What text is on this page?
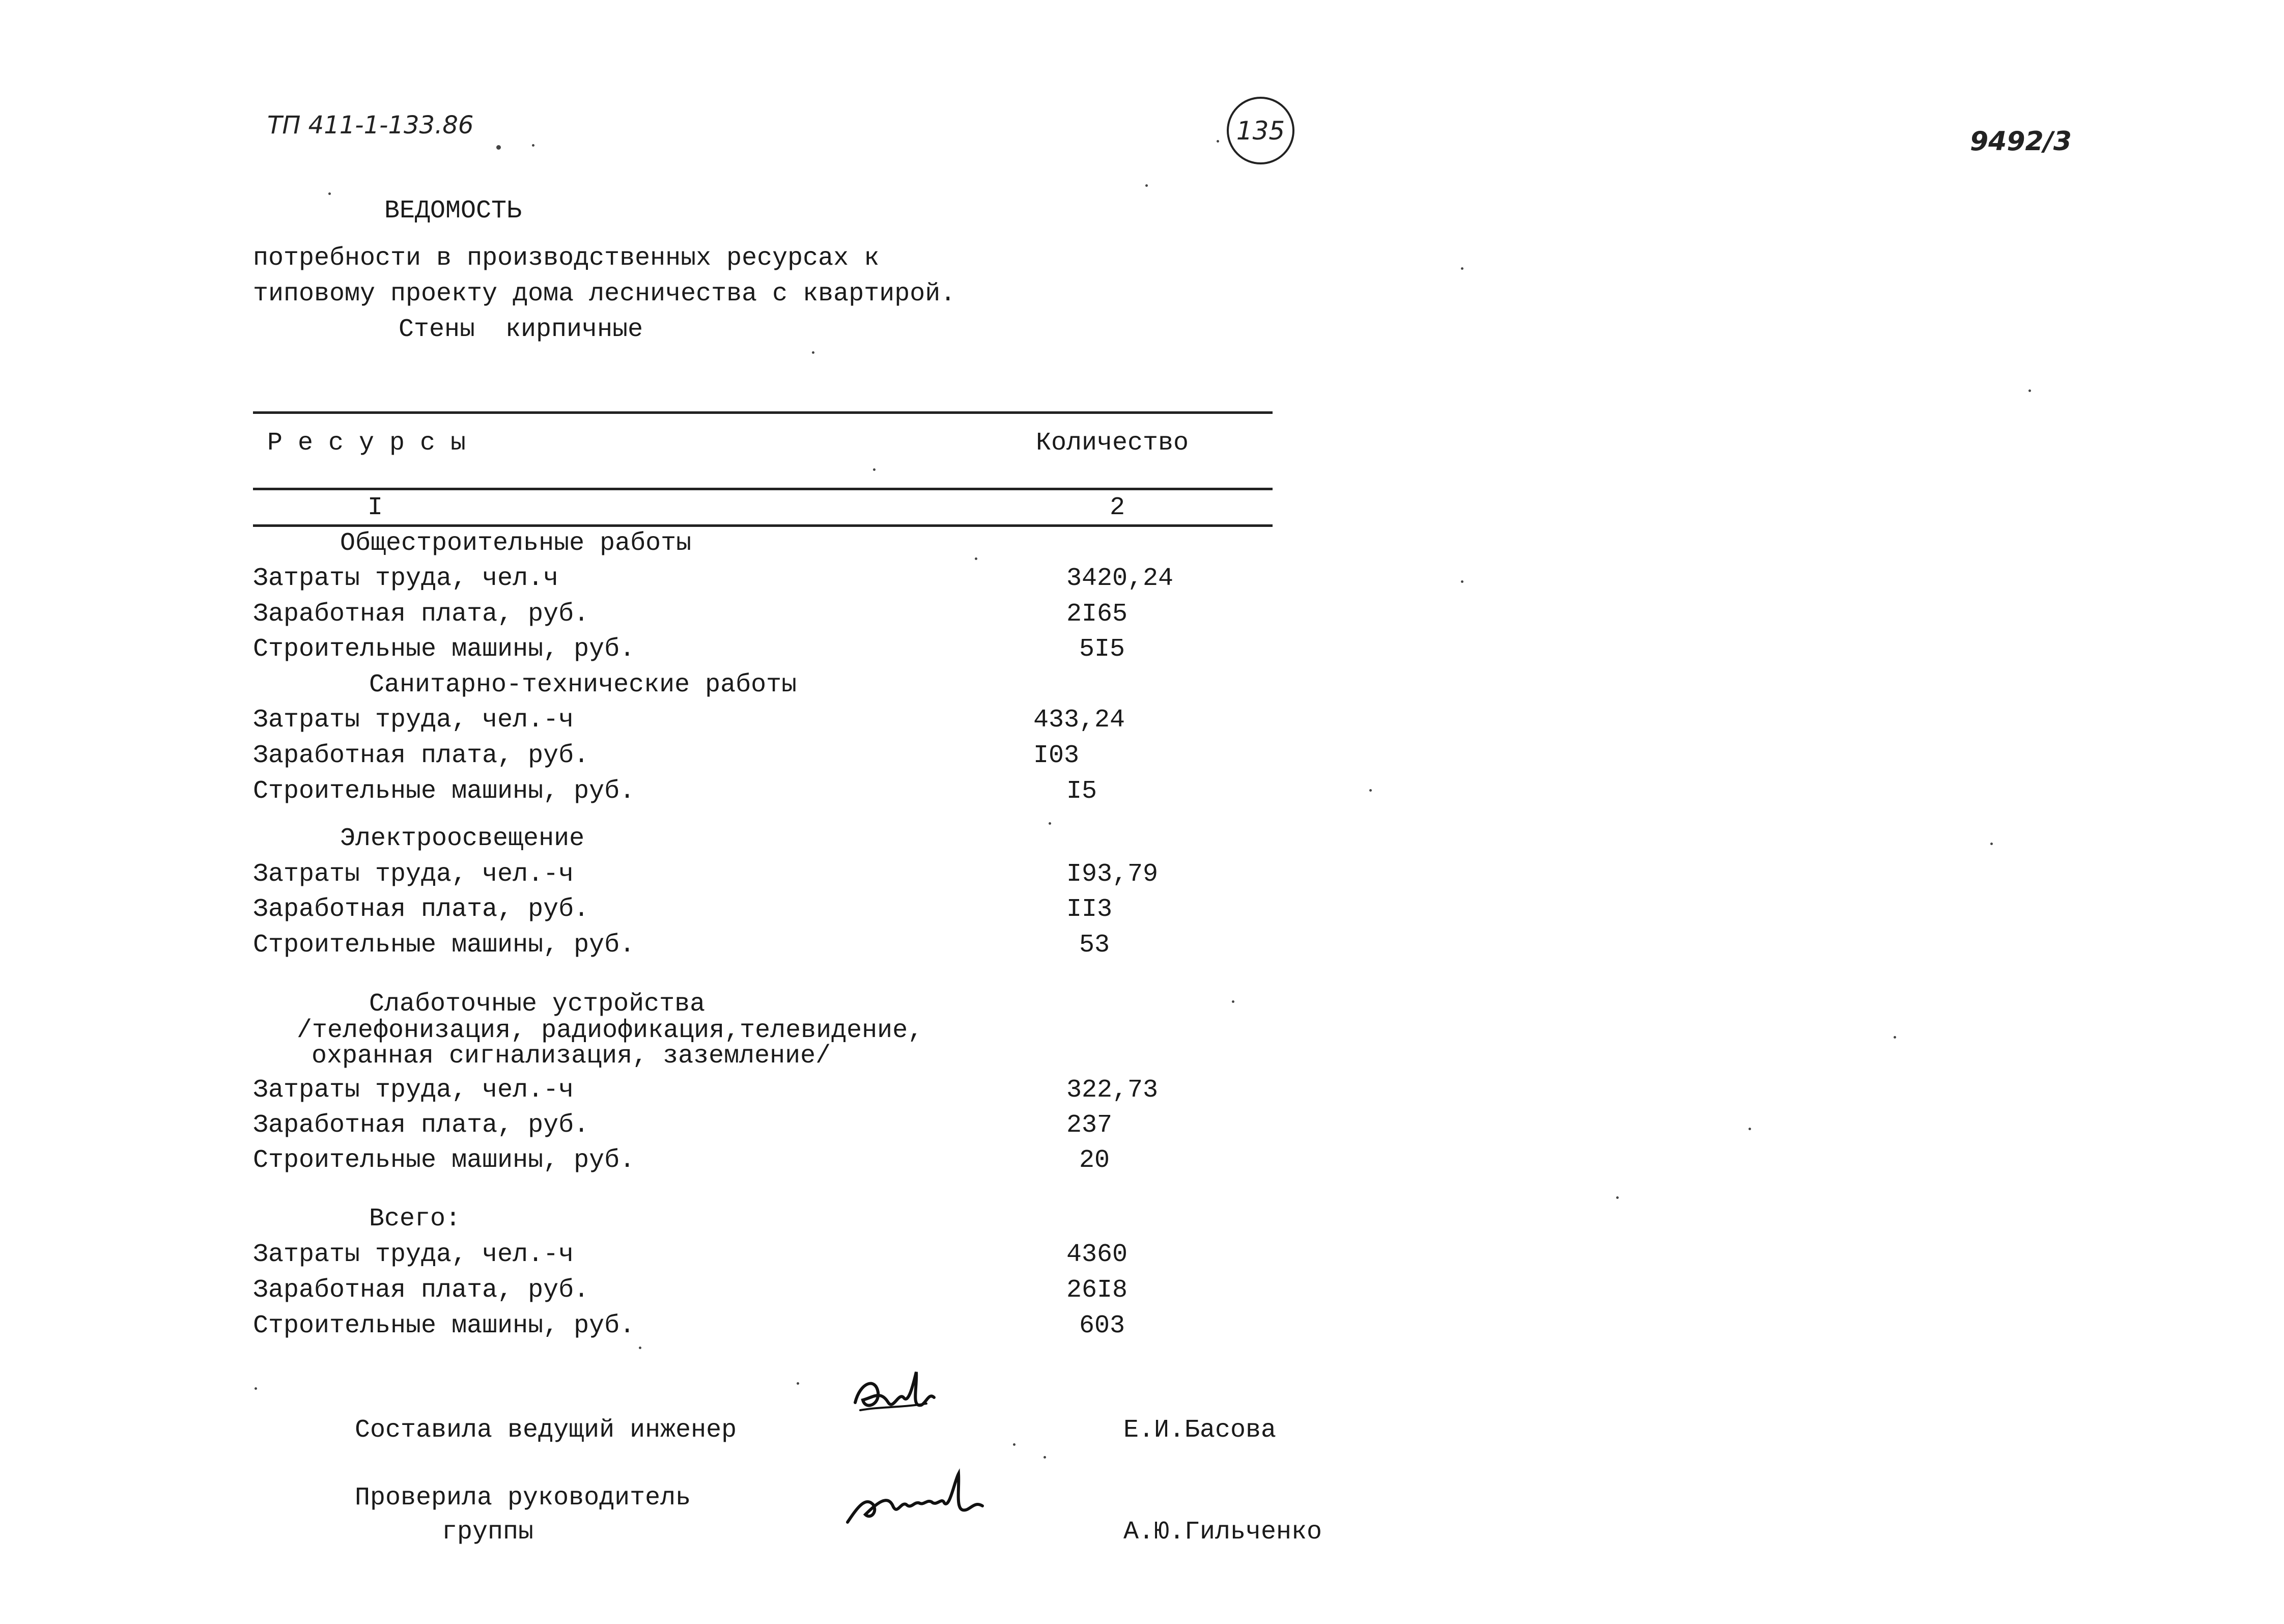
ТП 411-1-133.86	135	9492/3
ВЕДОМОСТЬ
потребности в производственных ресурсах к
типовому проекту дома лесничества с квартирой.
Стены  кирпичные
Р е с у р с ы	Количество
I	2
Общестроительные работы
Затраты труда, чел.ч	3420,24
Заработная плата, руб.	2I65
Строительные машины, руб.	5I5
Санитарно-технические работы
Затраты труда, чел.-ч	433,24
Заработная плата, руб.	I03
Строительные машины, руб.	I5
Электроосвещение
Затраты труда, чел.-ч	I93,79
Заработная плата, руб.	II3
Строительные машины, руб.	53
Слаботочные устройства
/телефонизация, радиофикация,телевидение,
охранная сигнализация, заземление/
Затраты труда, чел.-ч	322,73
Заработная плата, руб.	237
Строительные машины, руб.	20
Всего:
Затраты труда, чел.-ч	4360
Заработная плата, руб.	26I8
Строительные машины, руб.	603
Составила ведущий инженер	Е.И.Басова
Проверила руководитель
группы	А.Ю.Гильченко
